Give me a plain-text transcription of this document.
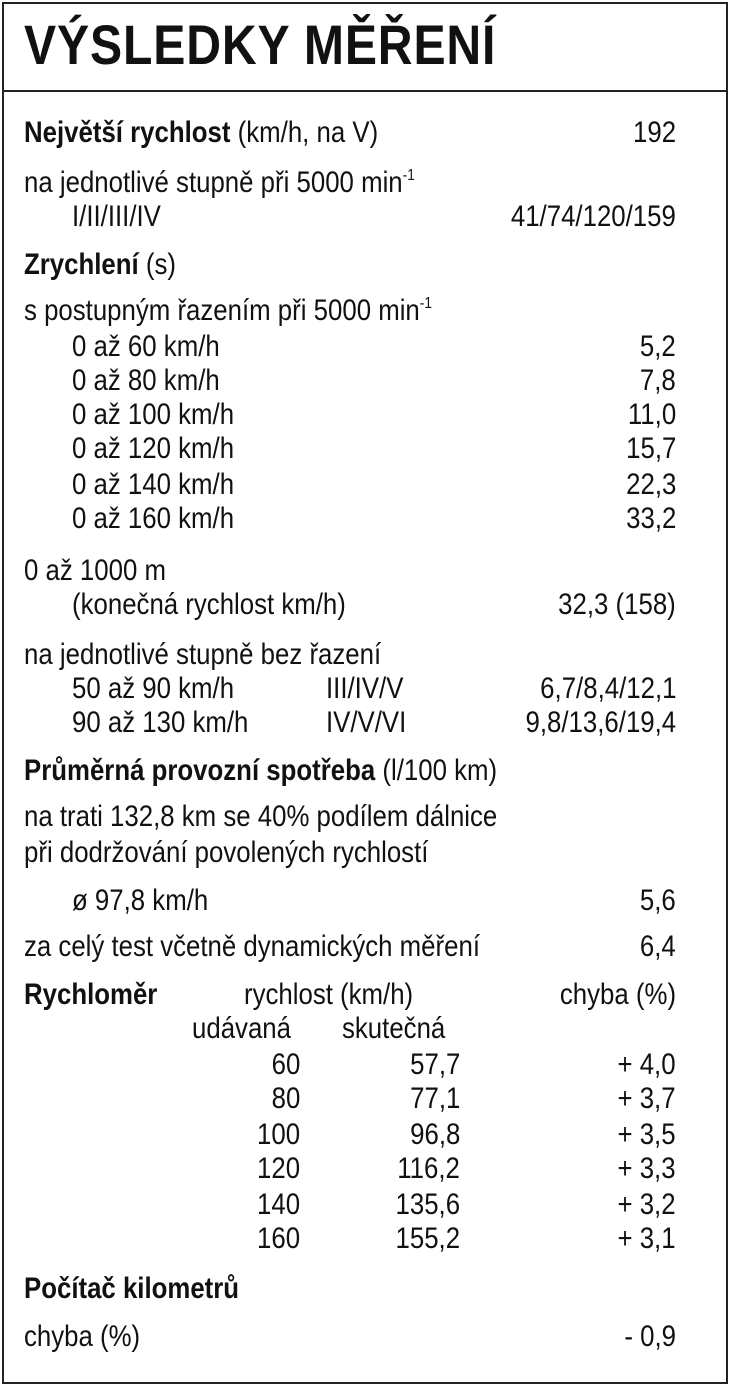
VÝSLEDKY MĚŘENÍ
Největší rychlost (km/h, na V)	192
na jednotlivé stupně při 5000 $\min^{-1}$
I/II/III/IV	41/74/120/159
Zrychlení (s)
s postupným řazením při 5000 $\min^{-1}$
0 až 60 km/h	5,2
0 až 80 km/h	7,8
0 až 100 km/h	11,0
0 až 120 km/h	15,7
0 až 140 km/h	22,3
0 až 160 km/h	33,2
0 až 1000 m
(konečná rychlost km/h)	32,3 (158)
na jednotlivé stupně bez řazení
50 až 90 km/h	III/IV/V	6,7/8,4/12,1
90 až 130 km/h	IV/V/VI	9,8/13,6/19,4
Průměrná provozní spotřeba (l/100 km)
na trati 132,8 km se 40% podílem dálnice
při dodržování povolených rychlostí
ø 97,8 km/h	5,6
za celý test včetně dynamických měření	6,4
Rychloměr	rychlost (km/h)	chyba (%)
udávaná skutečná
60	57,7	+ 4,0
80	77,1	+ 3,7
100	96,8	+ 3,5
120	116,2	+ 3,3
140	135,6	+ 3,2
160	155,2	+ 3,1
Počítač kilometrů
chyba (%)	- 0,9
